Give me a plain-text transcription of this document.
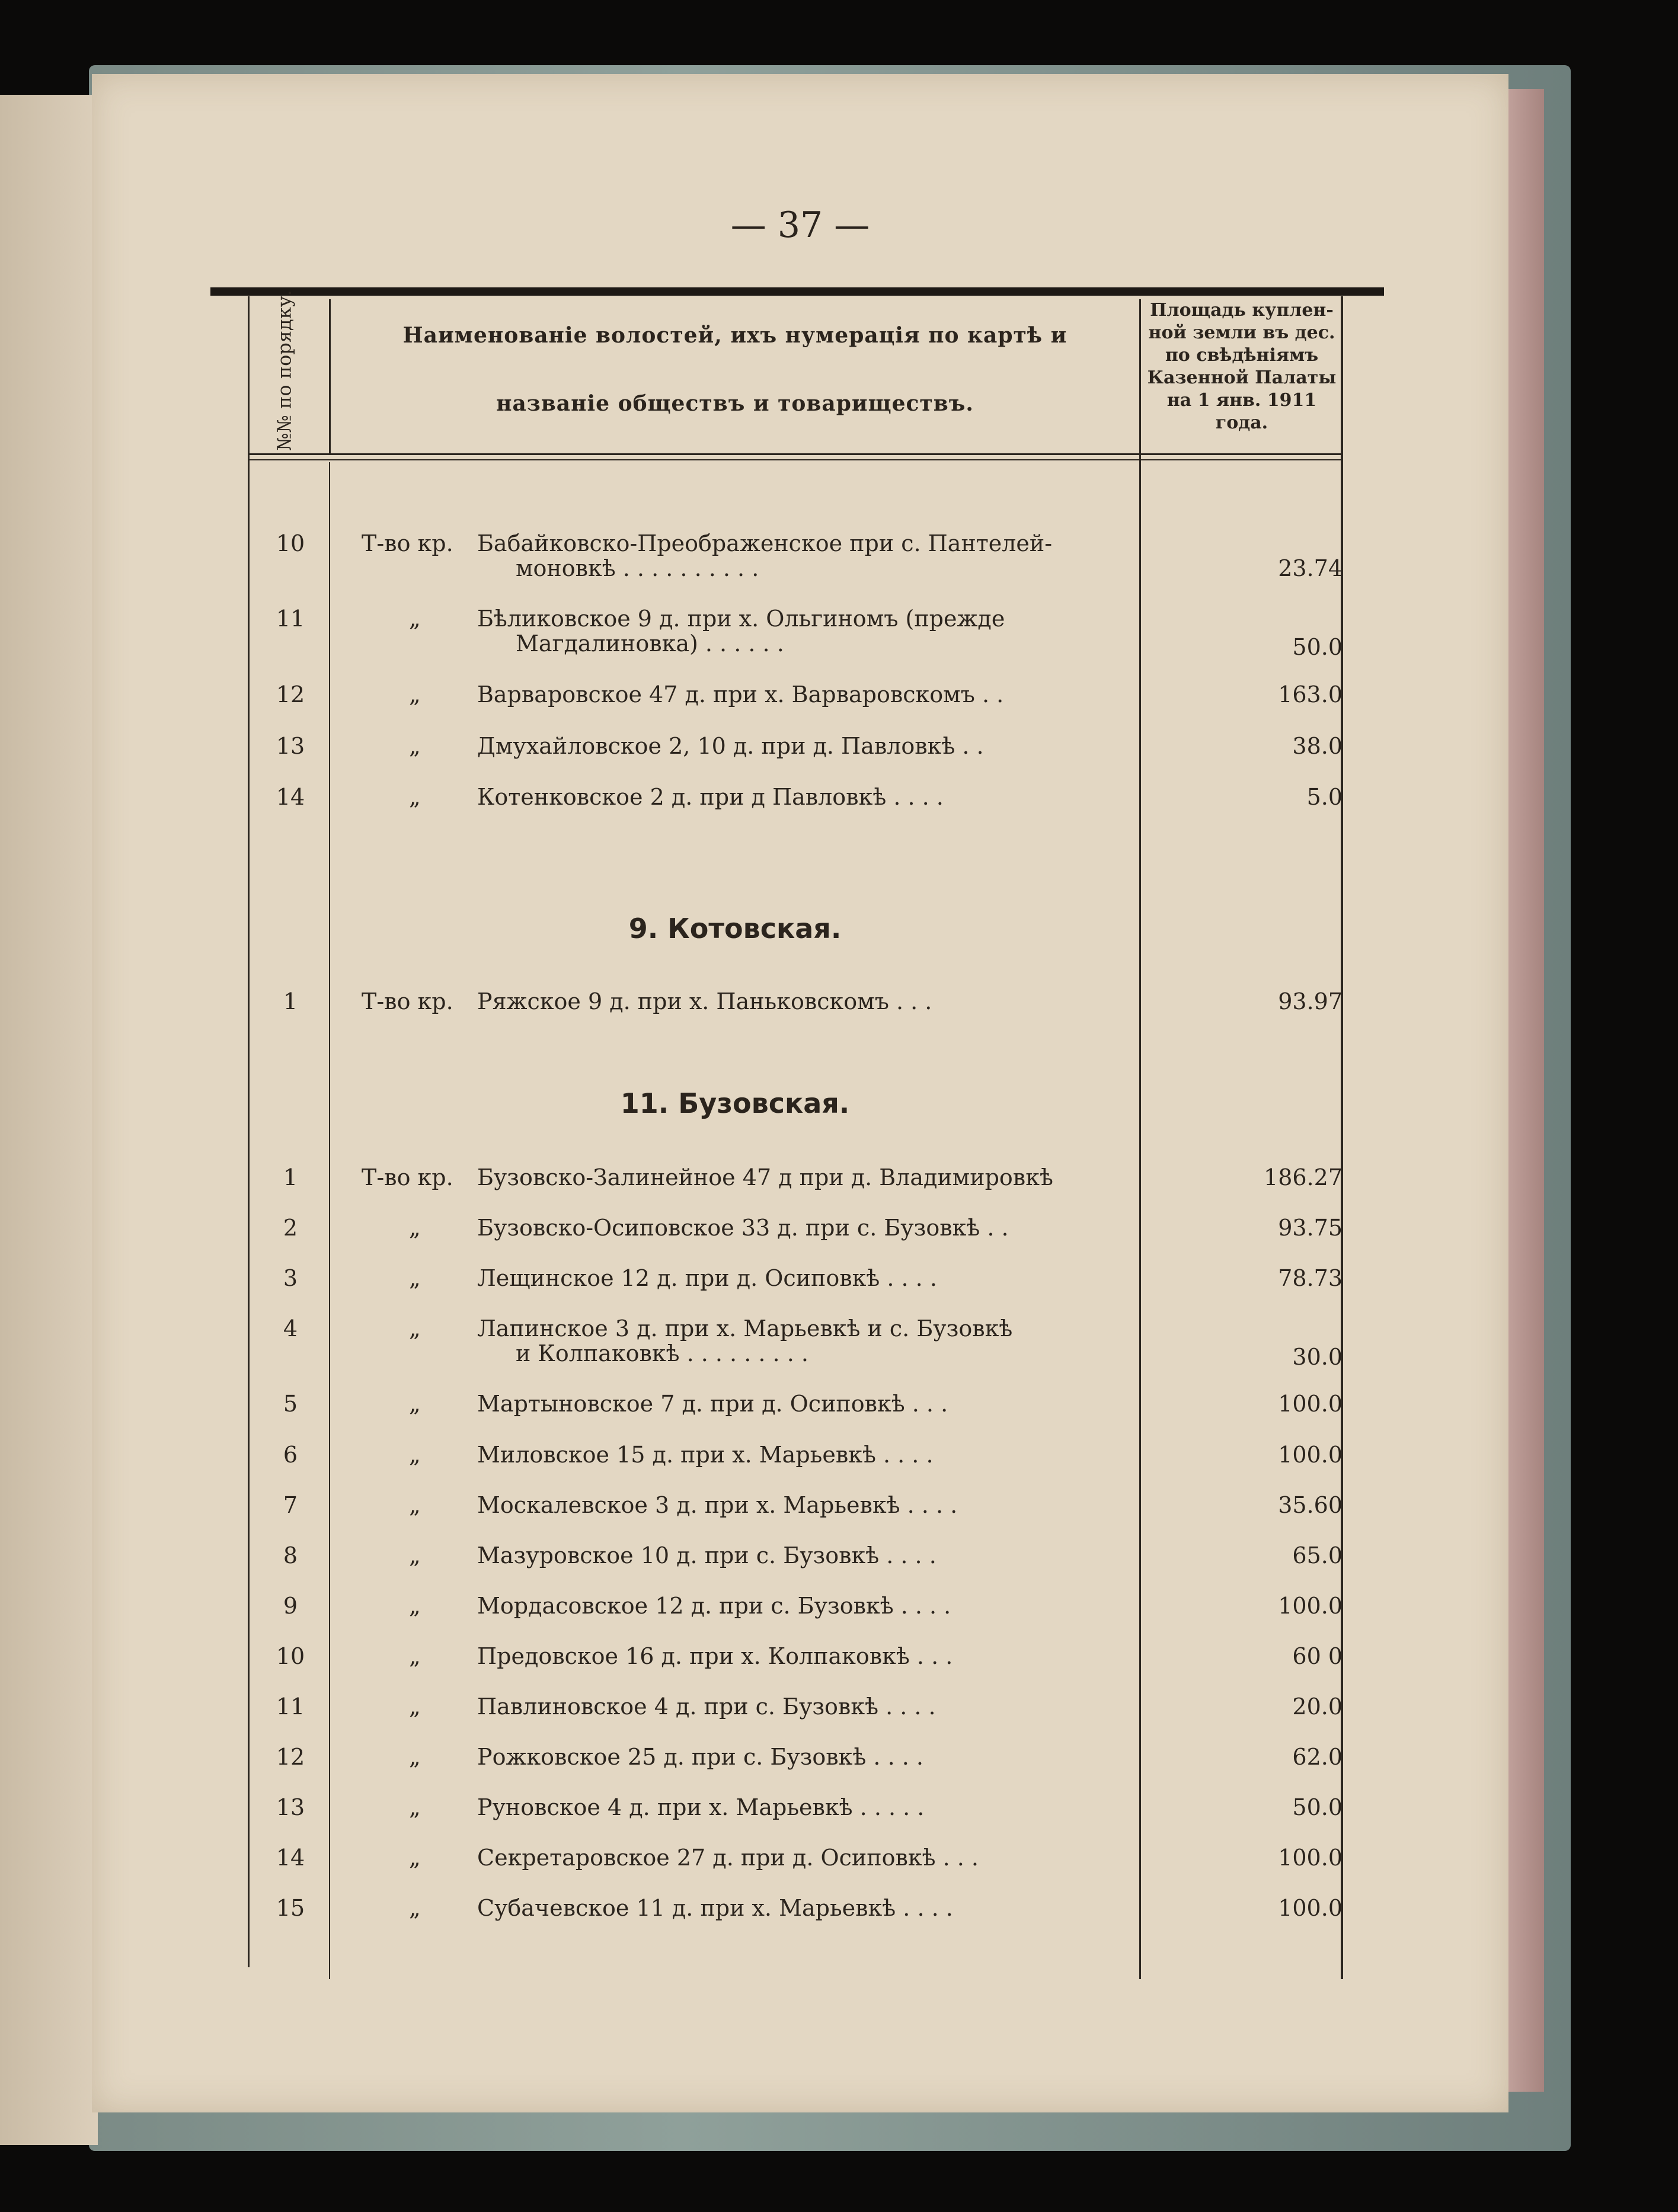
— 37 —
№№ по порядку.	Наименованіе волостей, ихъ нумерація по картѣ и
названіе обществъ и товариществъ.
Площадь куплен-
ной земли въ дес.
по свѣдѣніямъ
Казенной Палаты
на 1 янв. 1911
года.
10	Т-во кр. Бабайковско-Преображенское при с. Пантелей-
моновкѣ . . . . . . . . . .	23.74
11	„	Бѣликовское 9 д. при х. Ольгиномъ (прежде
Магдалиновка) . . . . . .	50.0
12	„	Варваровское 47 д. при х. Варваровскомъ . .	163.0
13	„	Дмухайловское 2, 10 д. при д. Павловкѣ . .	38.0
14	„	Котенковское 2 д. при д Павловкѣ . . . .	5.0
9. Котовская.
1	Т-во кр. Ряжское 9 д. при х. Паньковскомъ . . .	93.97
11. Бузовская.
1	Т-во кр. Бузовско-Залинейное 47 д при д. Владимировкѣ	186.27
2	„	Бузовско-Осиповское 33 д. при с. Бузовкѣ . .	93.75
3	„	Лещинское 12 д. при д. Осиповкѣ . . . .	78.73
4	„	Лапинское 3 д. при х. Марьевкѣ и с. Бузовкѣ
и Колпаковкѣ . . . . . . . . .	30.0
5	„	Мартыновское 7 д. при д. Осиповкѣ . . .	100.0
6	„	Миловское 15 д. при х. Марьевкѣ . . . .	100.0
7	„	Москалевское 3 д. при х. Марьевкѣ . . . .	35.60
8	„	Мазуровское 10 д. при с. Бузовкѣ . . . .	65.0
9	„	Мордасовское 12 д. при с. Бузовкѣ . . . .	100.0
10	„	Предовское 16 д. при х. Колпаковкѣ . . .	60 0
11	„	Павлиновское 4 д. при с. Бузовкѣ . . . .	20.0
12	„	Рожковское 25 д. при с. Бузовкѣ . . . .	62.0
13	„	Руновское 4 д. при х. Марьевкѣ . . . . .	50.0
14	„	Секретаровское 27 д. при д. Осиповкѣ . . .	100.0
15	„	Субачевское 11 д. при х. Марьевкѣ . . . .	100.0
